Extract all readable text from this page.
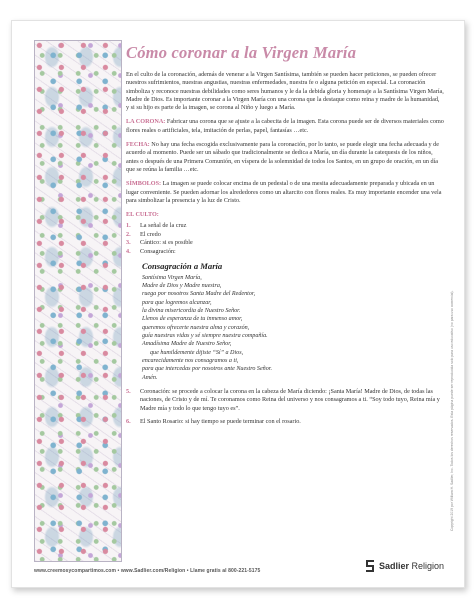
Cómo coronar a la Virgen María

En el culto de la coronación, además de venerar a la Virgen Santísima, también se pueden hacer peticiones, se pueden ofrecer nuestros sufrimientos, nuestras angustias, nuestras enfermedades, nuestra fe o alguna petición en especial. La coronación simboliza y reconoce nuestras debilidades como seres humanos y le da la debida gloria y homenaje a la Santísima Virgen María, Madre de Dios. Es importante coronar a la Virgen María con una corona que la destaque como reina y madre de la humanidad, y si su hijo es parte de la imagen, se corona al Niño y luego a María.

LA CORONA: Fabricar una corona que se ajuste a la cabecita de la imagen. Esta corona puede ser de diversos materiales como flores reales o artificiales, tela, imitación de perlas, papel, fantasías …etc.

FECHA: No hay una fecha escogida exclusivamente para la coronación, por lo tanto, se puede elegir una fecha adecuada y de acuerdo al momento. Puede ser un sábado que tradicionalmente se dedica a María, un día durante la catequesis de los niños, antes o después de una Primera Comunión, en víspera de la solemnidad de todos los Santos, en un grupo de oración, en un día que se reúna la familia …etc.

SÍMBOLOS: La imagen se puede colocar encima de un pedestal o de una mesita adecuadamente preparada y ubicada en un lugar conveniente. Se pueden adornar los alrededores como un altarcito con flores reales. Es muy importante encender una vela para simbolizar la presencia y la luz de Cristo.

EL CULTO:
1.	La señal de la cruz
2.	El credo
3.	Cántico: si es posible
4.	Consagración:
Consagración a María
Santísima Virgen María,
Madre de Dios y Madre nuestra,
ruega por nosotros Santa Madre del Redentor,
para que logremos alcanzar,
la divina misericordia de Nuestro Señor.
Llenos de esperanza de tu inmenso amor,
queremos ofrecerte nuestra alma y corazón,
guía nuestras vidas y sé siempre nuestra compañía.
Amadísima Madre de Nuestro Señor,
que humildemente dijiste “Sí” a Dios,
encarecidamente nos consagramos a ti,
para que intercedas por nosotros ante Nuestro Señor.
Amén.
5.	Coronación: se procede a colocar la corona en la cabeza de María diciendo: ¡Santa María! Madre de Dios, de todas las naciones, de Cristo y de mí. Te coronamos como Reina del universo y nos consagramos a ti. “Soy todo tuyo, Reina mía y Madre mía y todo lo que tengo tuyo es”.
6.	El Santo Rosario: si hay tiempo se puede terminar con el rosario.
www.creemosycompartimos.com • www.Sadlier.com/Religion • Llame gratis al 800-221-5175	Sadlier Religion
Copyright 2019 por William H. Sadlier, Inc. Todos los derechos reservados. Esta página puede ser reproducida solo para uso educativo (no para uso comercial).
